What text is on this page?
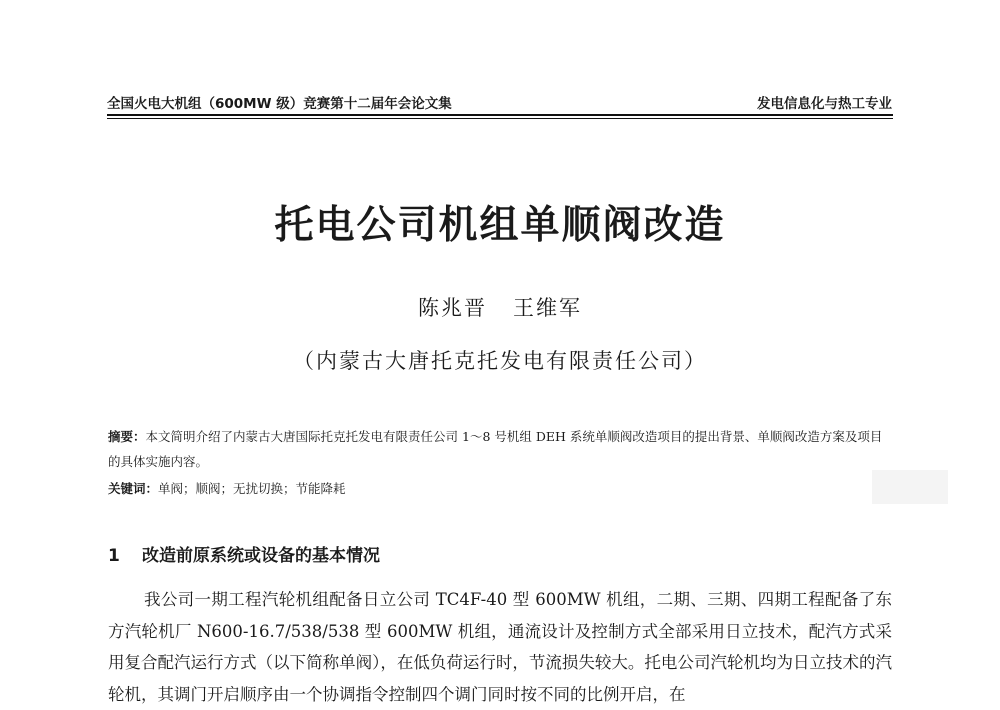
全国火电大机组（600MW 级）竞赛第十二届年会论文集	发电信息化与热工专业
托电公司机组单顺阀改造
陈兆晋 王维军
（内蒙古大唐托克托发电有限责任公司）
摘要：本文简明介绍了内蒙古大唐国际托克托发电有限责任公司 1～8 号机组 DEH 系统单顺阀改造项目的提出背景、单顺阀改造方案及项目的具体实施内容。
关键词：单阀；顺阀；无扰切换；节能降耗
1 改造前原系统或设备的基本情况
我公司一期工程汽轮机组配备日立公司 TC4F-40 型 600MW 机组，二期、三期、四期工程配备了东方汽轮机厂 N600-16.7/538/538 型 600MW 机组，通流设计及控制方式全部采用日立技术，配汽方式采用复合配汽运行方式（以下简称单阀），在低负荷运行时，节流损失较大。托电公司汽轮机均为日立技术的汽轮机，其调门开启顺序由一个协调指令控制四个调门同时按不同的比例开启，在
